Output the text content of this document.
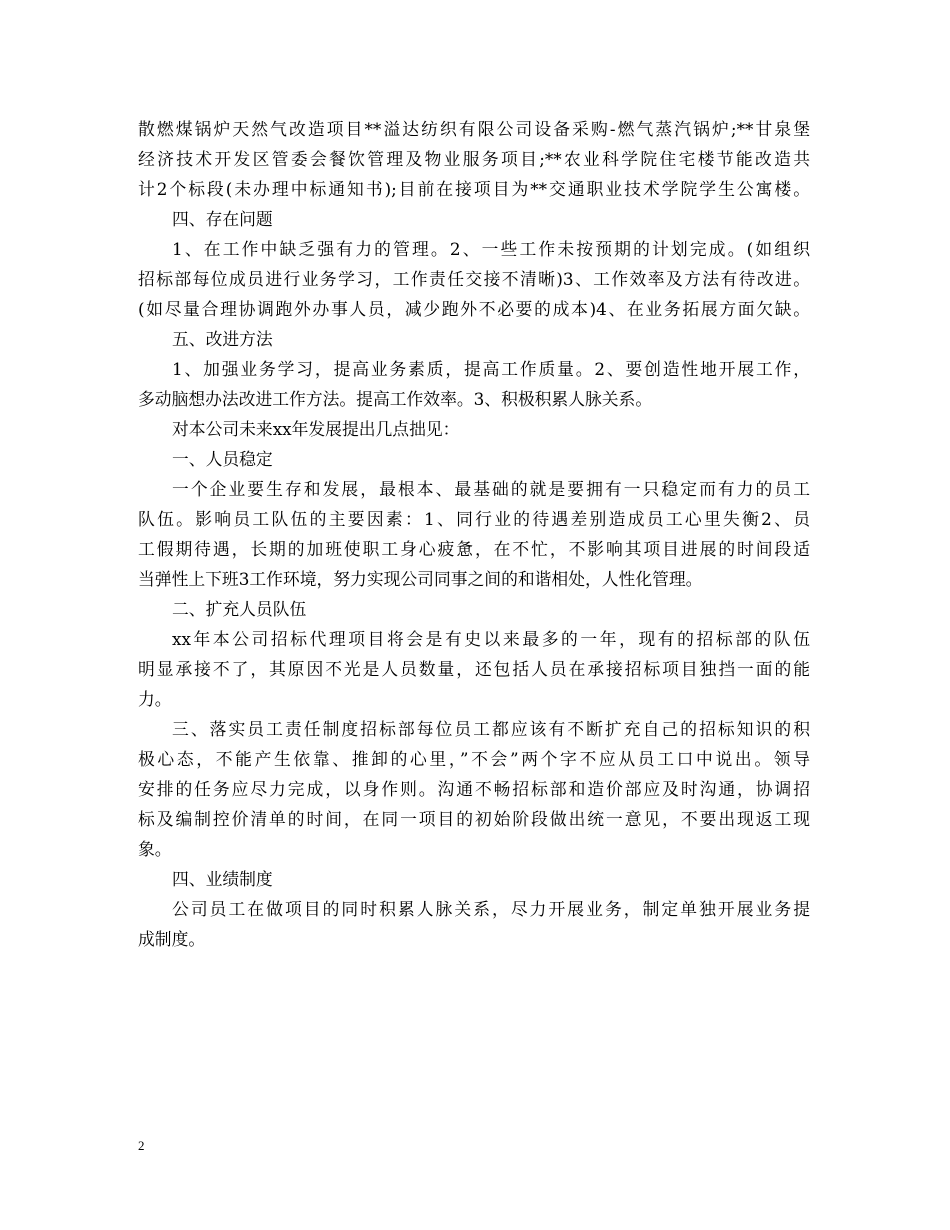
散燃煤锅炉天然气改造项目**溢达纺织有限公司设备采购-燃气蒸汽锅炉;**甘泉堡
经济技术开发区管委会餐饮管理及物业服务项目;**农业科学院住宅楼节能改造共
计2个标段(未办理中标通知书);目前在接项目为**交通职业技术学院学生公寓楼。
四、存在问题
1、在工作中缺乏强有力的管理。2、一些工作未按预期的计划完成。(如组织
招标部每位成员进行业务学习，工作责任交接不清晰)3、工作效率及方法有待改进。
(如尽量合理协调跑外办事人员，减少跑外不必要的成本)4、在业务拓展方面欠缺。
五、改进方法
1、加强业务学习，提高业务素质，提高工作质量。2、要创造性地开展工作，
多动脑想办法改进工作方法。提高工作效率。3、积极积累人脉关系。
对本公司未来xx年发展提出几点拙见：
一、人员稳定
一个企业要生存和发展，最根本、最基础的就是要拥有一只稳定而有力的员工
队伍。影响员工队伍的主要因素：1、同行业的待遇差别造成员工心里失衡2、员
工假期待遇，长期的加班使职工身心疲惫，在不忙，不影响其项目进展的时间段适
当弹性上下班3工作环境，努力实现公司同事之间的和谐相处，人性化管理。
二、扩充人员队伍
xx年本公司招标代理项目将会是有史以来最多的一年，现有的招标部的队伍
明显承接不了，其原因不光是人员数量，还包括人员在承接招标项目独挡一面的能
力。
三、落实员工责任制度招标部每位员工都应该有不断扩充自己的招标知识的积
极心态，不能产生依靠、推卸的心里，”不会”两个字不应从员工口中说出。领导
安排的任务应尽力完成，以身作则。沟通不畅招标部和造价部应及时沟通，协调招
标及编制控价清单的时间，在同一项目的初始阶段做出统一意见，不要出现返工现
象。
四、业绩制度
公司员工在做项目的同时积累人脉关系，尽力开展业务，制定单独开展业务提
成制度。
2
